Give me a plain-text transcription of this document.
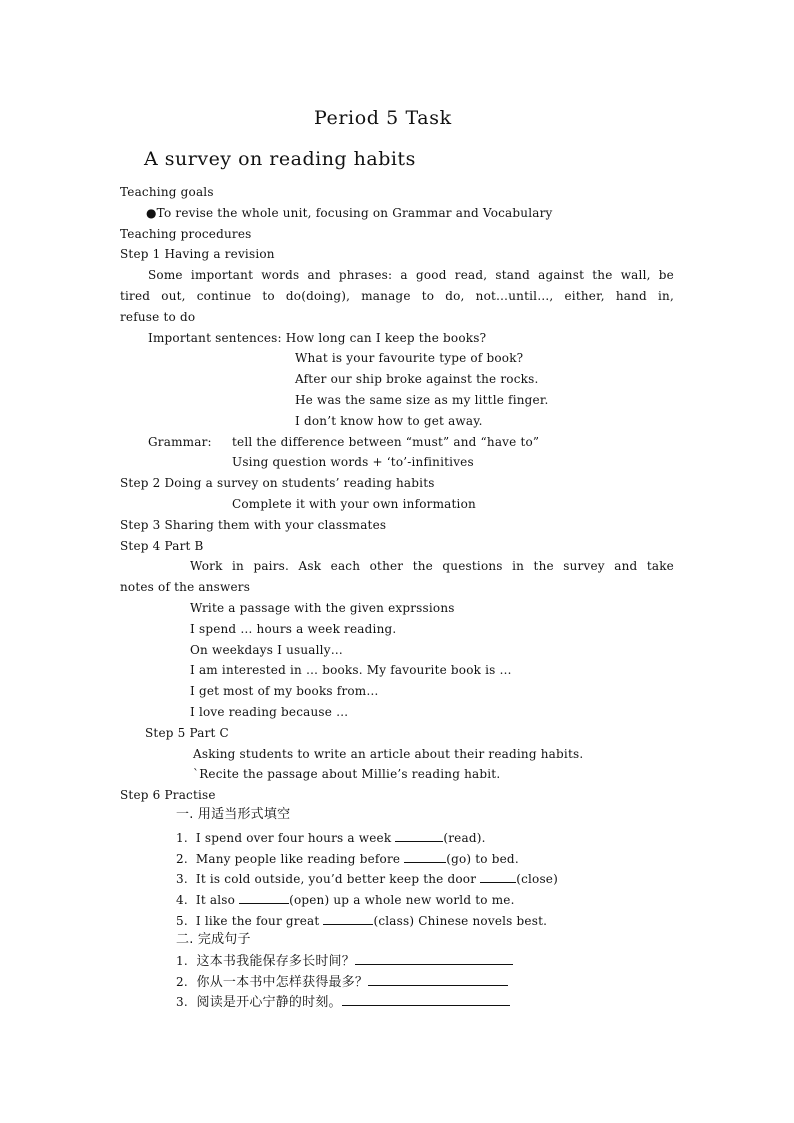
Period 5 Task
A survey on reading habits
Teaching goals
●To revise the whole unit, focusing on Grammar and Vocabulary
Teaching procedures
Step 1 Having a revision
Some important words and phrases: a good read, stand against the wall, be
tired out, continue to do(doing), manage to do, not…until…, either, hand in,
refuse to do
Important sentences: How long can I keep the books?
What is your favourite type of book?
After our ship broke against the rocks.
He was the same size as my little finger.
I don’t know how to get away.
Grammar: tell the difference between “must” and “have to”
Using question words + ‘to’-infinitives
Step 2 Doing a survey on students’ reading habits
Complete it with your own information
Step 3 Sharing them with your classmates
Step 4 Part B
Work in pairs. Ask each other the questions in the survey and take
notes of the answers
Write a passage with the given exprssions
I spend … hours a week reading.
On weekdays I usually…
I am interested in … books. My favourite book is …
I get most of my books from…
I love reading because …
Step 5 Part C
Asking students to write an article about their reading habits.
`Recite the passage about Millie’s reading habit.
Step 6 Practise
一. 用适当形式填空
1. I spend over four hours a week	(read).
2. Many people like reading before	(go) to bed.
3. It is cold outside, you’d better keep the door	(close)
4. It also	(open) up a whole new world to me.
5. I like the four great	(class) Chinese novels best.
二. 完成句子
1. 这本书我能保存多长时间？
2. 你从一本书中怎样获得最多？
3. 阅读是开心宁静的时刻。
